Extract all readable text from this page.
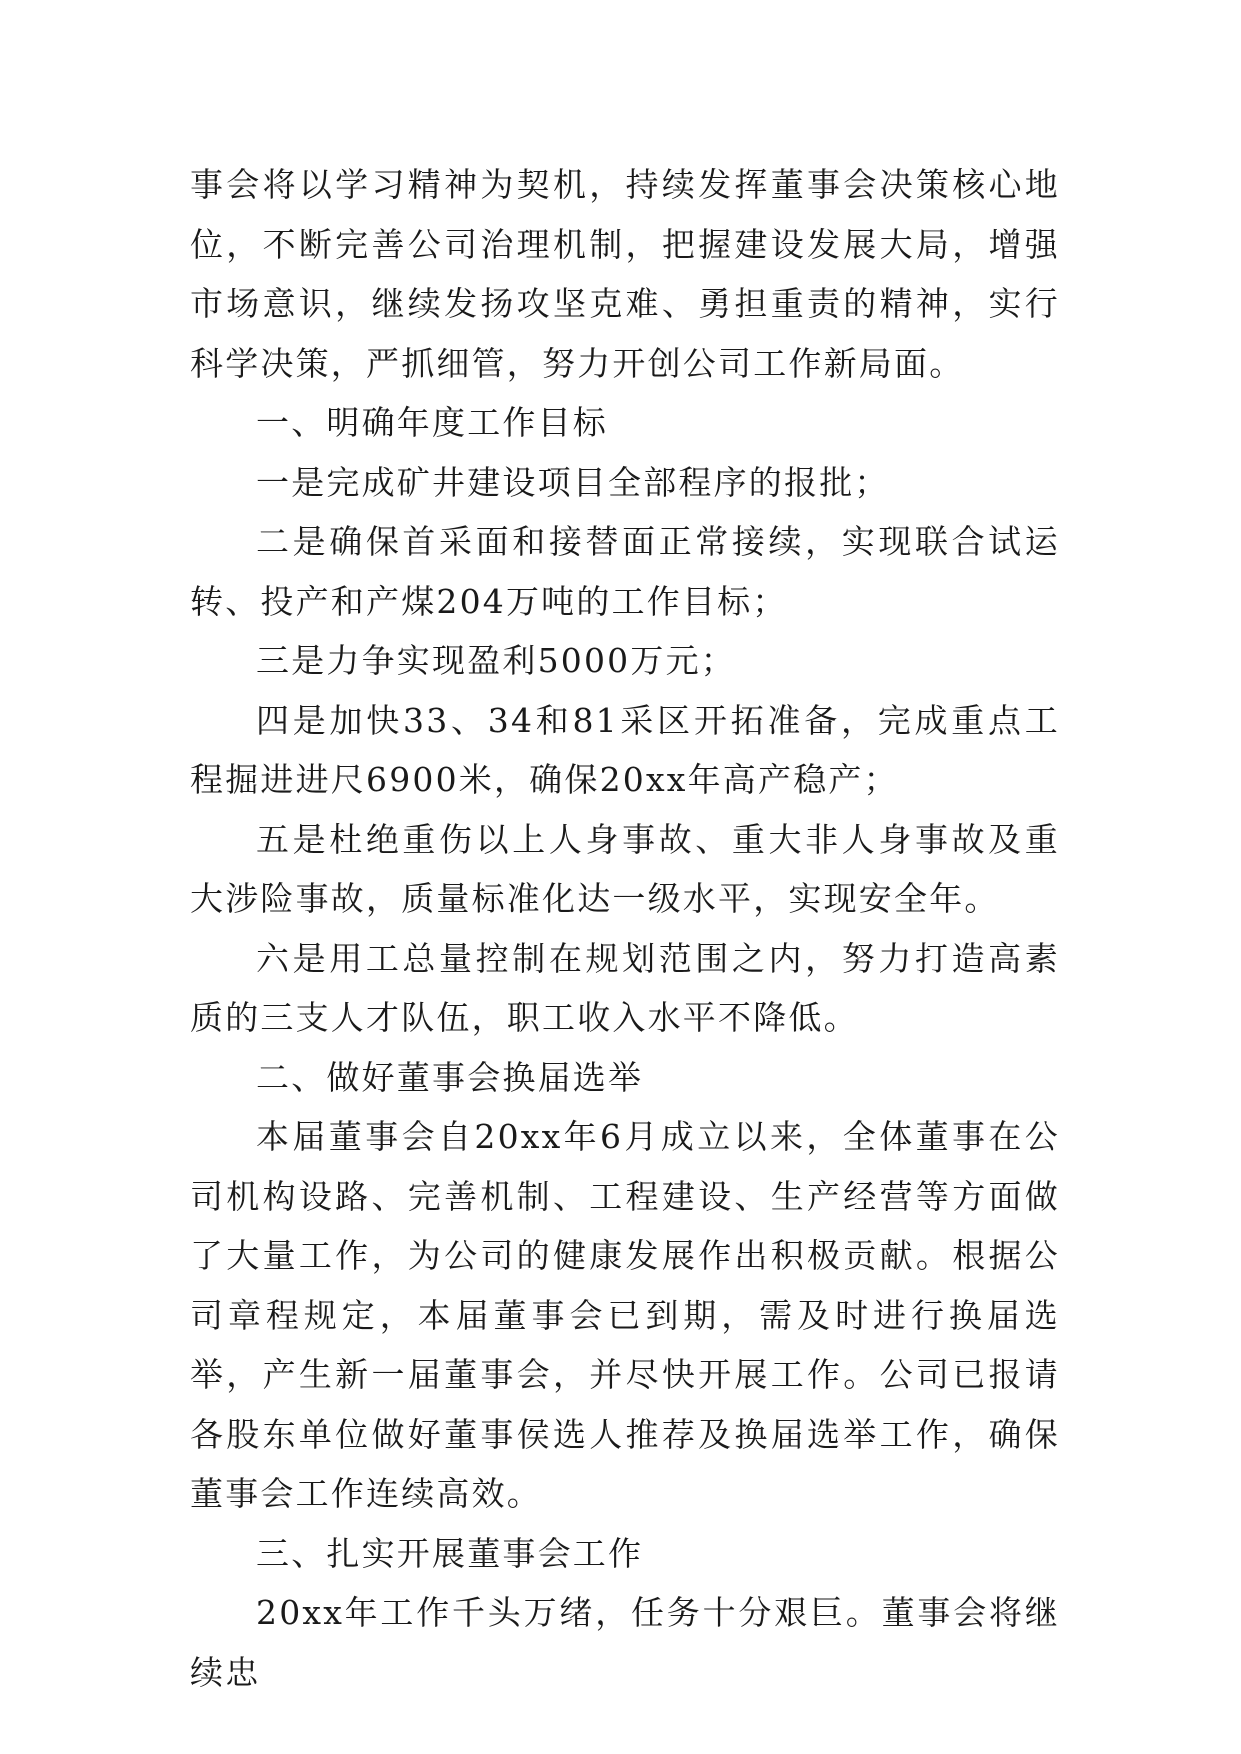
事会将以学习精神为契机，持续发挥董事会决策核心地位，不断完善公司治理机制，把握建设发展大局，增强市场意识，继续发扬攻坚克难、勇担重责的精神，实行科学决策，严抓细管，努力开创公司工作新局面。

一、明确年度工作目标

一是完成矿井建设项目全部程序的报批；

二是确保首采面和接替面正常接续，实现联合试运转、投产和产煤204万吨的工作目标；

三是力争实现盈利5000万元；

四是加快33、34和81采区开拓准备，完成重点工程掘进进尺6900米，确保20xx年高产稳产；

五是杜绝重伤以上人身事故、重大非人身事故及重大涉险事故，质量标准化达一级水平，实现安全年。

六是用工总量控制在规划范围之内，努力打造高素质的三支人才队伍，职工收入水平不降低。

二、做好董事会换届选举

本届董事会自20xx年6月成立以来，全体董事在公司机构设路、完善机制、工程建设、生产经营等方面做了大量工作，为公司的健康发展作出积极贡献。根据公司章程规定，本届董事会已到期，需及时进行换届选举，产生新一届董事会，并尽快开展工作。公司已报请各股东单位做好董事侯选人推荐及换届选举工作，确保董事会工作连续高效。

三、扎实开展董事会工作

20xx年工作千头万绪，任务十分艰巨。董事会将继续忠
